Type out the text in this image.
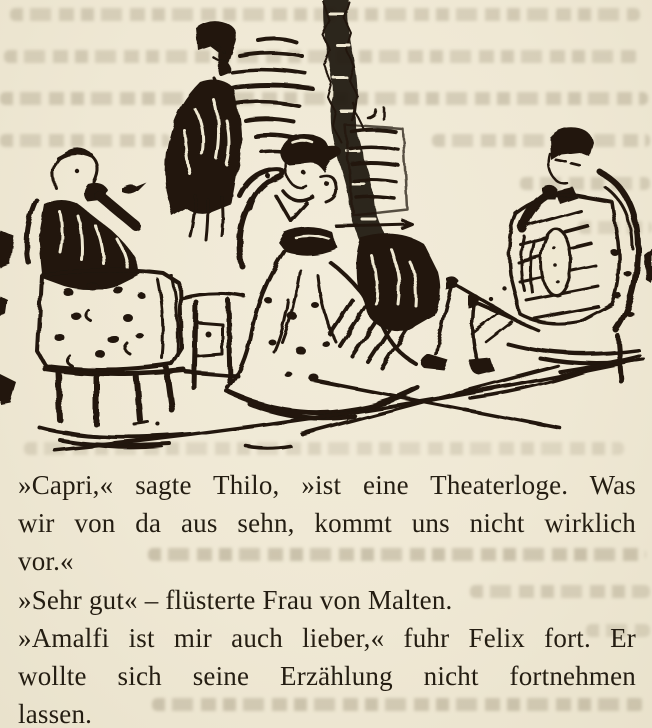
»Capri,« sagte Thilo, »ist eine Theaterloge. Was
wir von da aus sehn, kommt uns nicht wirklich
vor.«
»Sehr gut« – flüsterte Frau von Malten.
»Amalfi ist mir auch lieber,« fuhr Felix fort. Er
wollte sich seine Erzählung nicht fortnehmen
lassen.
